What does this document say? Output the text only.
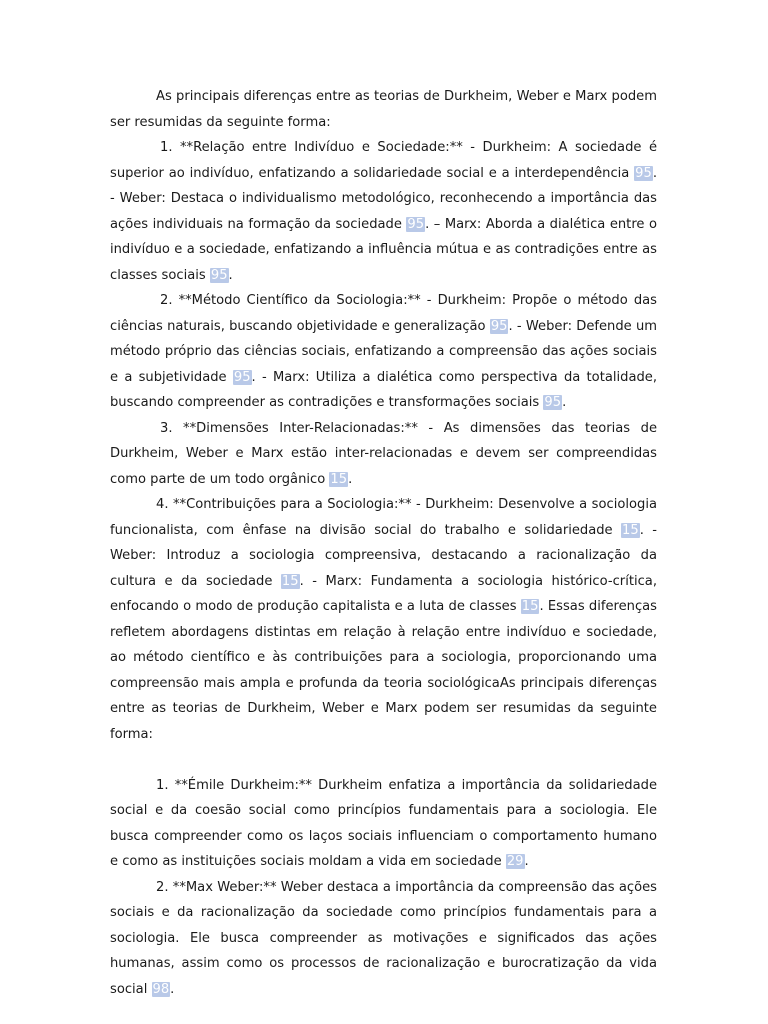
As principais diferenças entre as teorias de Durkheim, Weber e Marx podem ser resumidas da seguinte forma:

1. **Relação entre Indivíduo e Sociedade:** - Durkheim: A sociedade é superior ao indivíduo, enfatizando a solidariedade social e a interdependência 95. - Weber: Destaca o individualismo metodológico, reconhecendo a importância das ações individuais na formação da sociedade 95. – Marx: Aborda a dialética entre o indivíduo e a sociedade, enfatizando a influência mútua e as contradições entre as classes sociais 95.

2. **Método Científico da Sociologia:** - Durkheim: Propõe o método das ciências naturais, buscando objetividade e generalização 95. - Weber: Defende um método próprio das ciências sociais, enfatizando a compreensão das ações sociais e a subjetividade 95. - Marx: Utiliza a dialética como perspectiva da totalidade, buscando compreender as contradições e transformações sociais 95.

3. **Dimensões Inter-Relacionadas:** - As dimensões das teorias de Durkheim, Weber e Marx estão inter-relacionadas e devem ser compreendidas como parte de um todo orgânico 15.

4. **Contribuições para a Sociologia:** - Durkheim: Desenvolve a sociologia funcionalista, com ênfase na divisão social do trabalho e solidariedade 15. - Weber: Introduz a sociologia compreensiva, destacando a racionalização da cultura e da sociedade 15. - Marx: Fundamenta a sociologia histórico-crítica, enfocando o modo de produção capitalista e a luta de classes 15. Essas diferenças refletem abordagens distintas em relação à relação entre indivíduo e sociedade, ao método científico e às contribuições para a sociologia, proporcionando uma compreensão mais ampla e profunda da teoria sociológicaAs principais diferenças entre as teorias de Durkheim, Weber e Marx podem ser resumidas da seguinte forma:

1. **Émile Durkheim:** Durkheim enfatiza a importância da solidariedade social e da coesão social como princípios fundamentais para a sociologia. Ele busca compreender como os laços sociais influenciam o comportamento humano e como as instituições sociais moldam a vida em sociedade 29.

2. **Max Weber:** Weber destaca a importância da compreensão das ações sociais e da racionalização da sociedade como princípios fundamentais para a sociologia. Ele busca compreender as motivações e significados das ações humanas, assim como os processos de racionalização e burocratização da vida social 98.
